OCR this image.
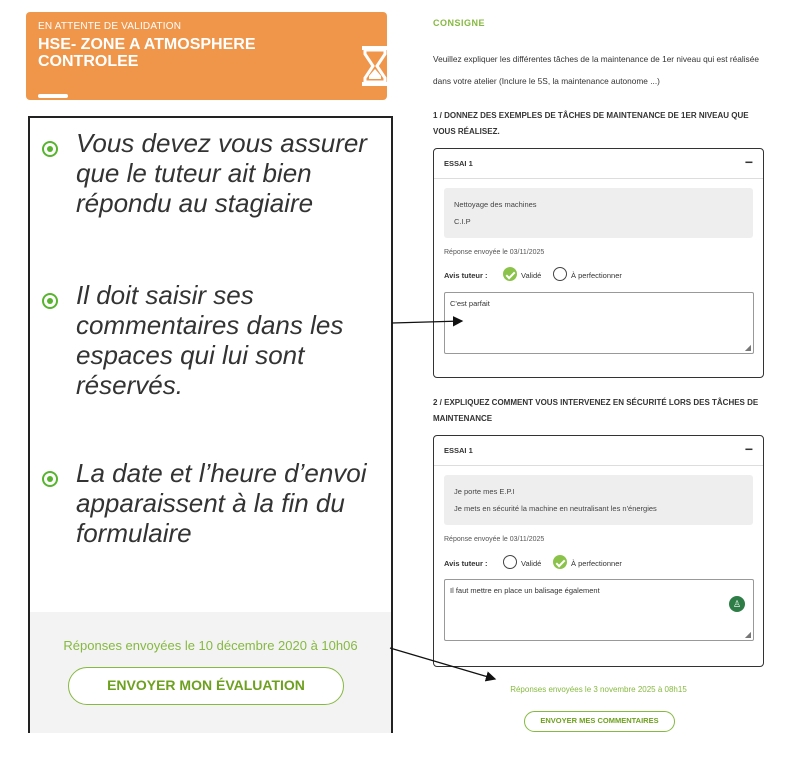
EN ATTENTE DE VALIDATION
HSE- ZONE A ATMOSPHERE CONTROLEE
Vous devez vous assurer que le tuteur ait bien répondu au stagiaire
Il doit saisir ses commentaires dans les espaces qui lui sont réservés.
La date et l’heure d’envoi apparaissent à la fin du formulaire
Réponses envoyées le 10 décembre 2020 à 10h06
ENVOYER MON ÉVALUATION
CONSIGNE
Veuillez expliquer les différentes tâches de la maintenance de 1er niveau qui est réalisée dans votre atelier (Inclure le 5S, la maintenance autonome ...)
1 / DONNEZ DES EXEMPLES DE TÂCHES DE MAINTENANCE DE 1ER NIVEAU QUE VOUS RÉALISEZ.
ESSAI 1	−
Nettoyage des machines
C.I.P
Réponse envoyée le 03/11/2025
Avis tuteur :	Validé	À perfectionner
C'est parfait
◢
2 / EXPLIQUEZ COMMENT VOUS INTERVENEZ EN SÉCURITÉ LORS DES TÂCHES DE MAINTENANCE
ESSAI 1	−
Je porte mes E.P.I
Je mets en sécurité la machine en neutralisant les n'énergies
Réponse envoyée le 03/11/2025
Avis tuteur :	Validé	À perfectionner
Il faut mettre en place un balisage également
♙
◢
Réponses envoyées le 3 novembre 2025 à 08h15
ENVOYER MES COMMENTAIRES
